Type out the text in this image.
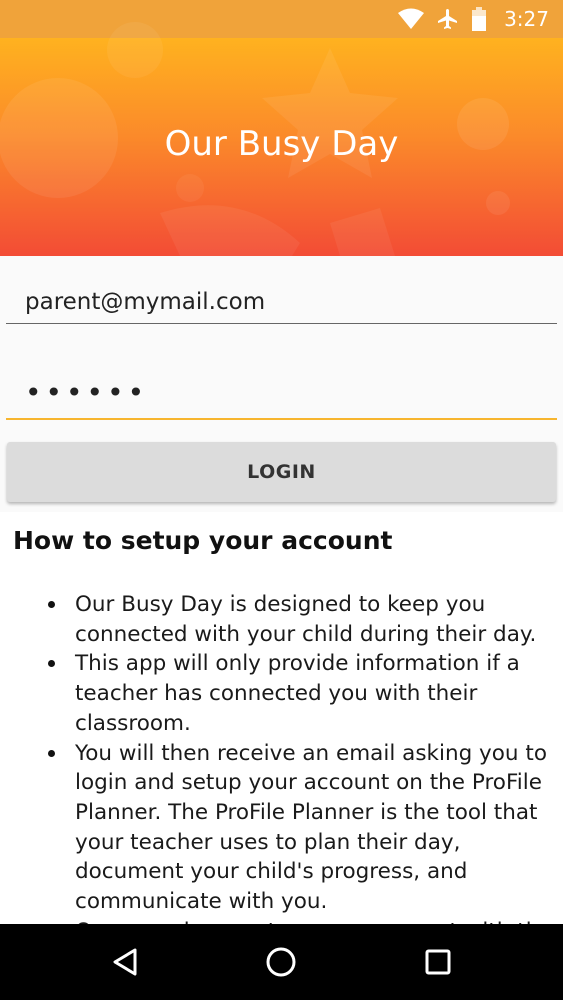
3:27
Our Busy Day
parent@mymail.com
••••••
LOGIN
How to setup your account
Our Busy Day is designed to keep you connected with your child during their day.
This app will only provide information if a teacher has connected you with their classroom.
You will then receive an email asking you to login and setup your account on the ProFile Planner. The ProFile Planner is the tool that your teacher uses to plan their day, document your child's progress, and communicate with you.
